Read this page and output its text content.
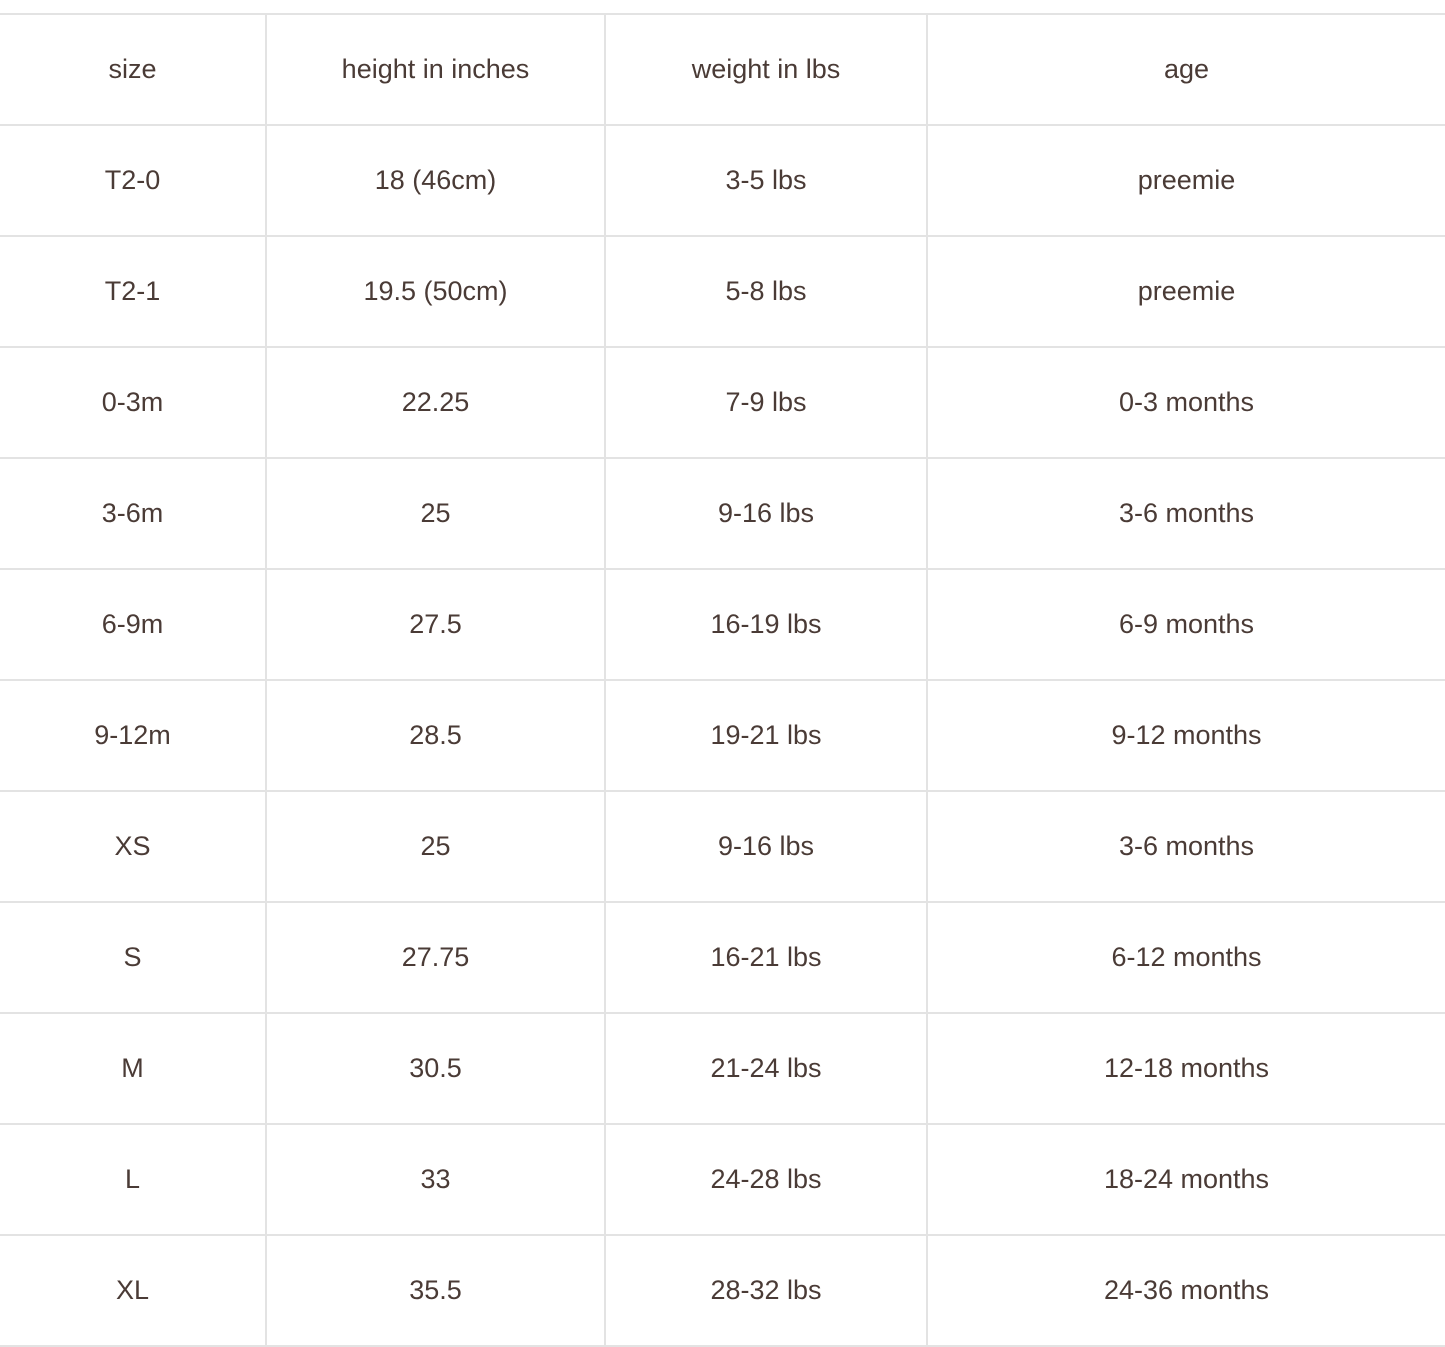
size	height in inches	weight in lbs	age
T2-0	18 (46cm)	3-5 lbs	preemie
T2-1	19.5 (50cm)	5-8 lbs	preemie
0-3m	22.25	7-9 lbs	0-3 months
3-6m	25	9-16 lbs	3-6 months
6-9m	27.5	16-19 lbs	6-9 months
9-12m	28.5	19-21 lbs	9-12 months
XS	25	9-16 lbs	3-6 months
S	27.75	16-21 lbs	6-12 months
M	30.5	21-24 lbs	12-18 months
L	33	24-28 lbs	18-24 months
XL	35.5	28-32 lbs	24-36 months
